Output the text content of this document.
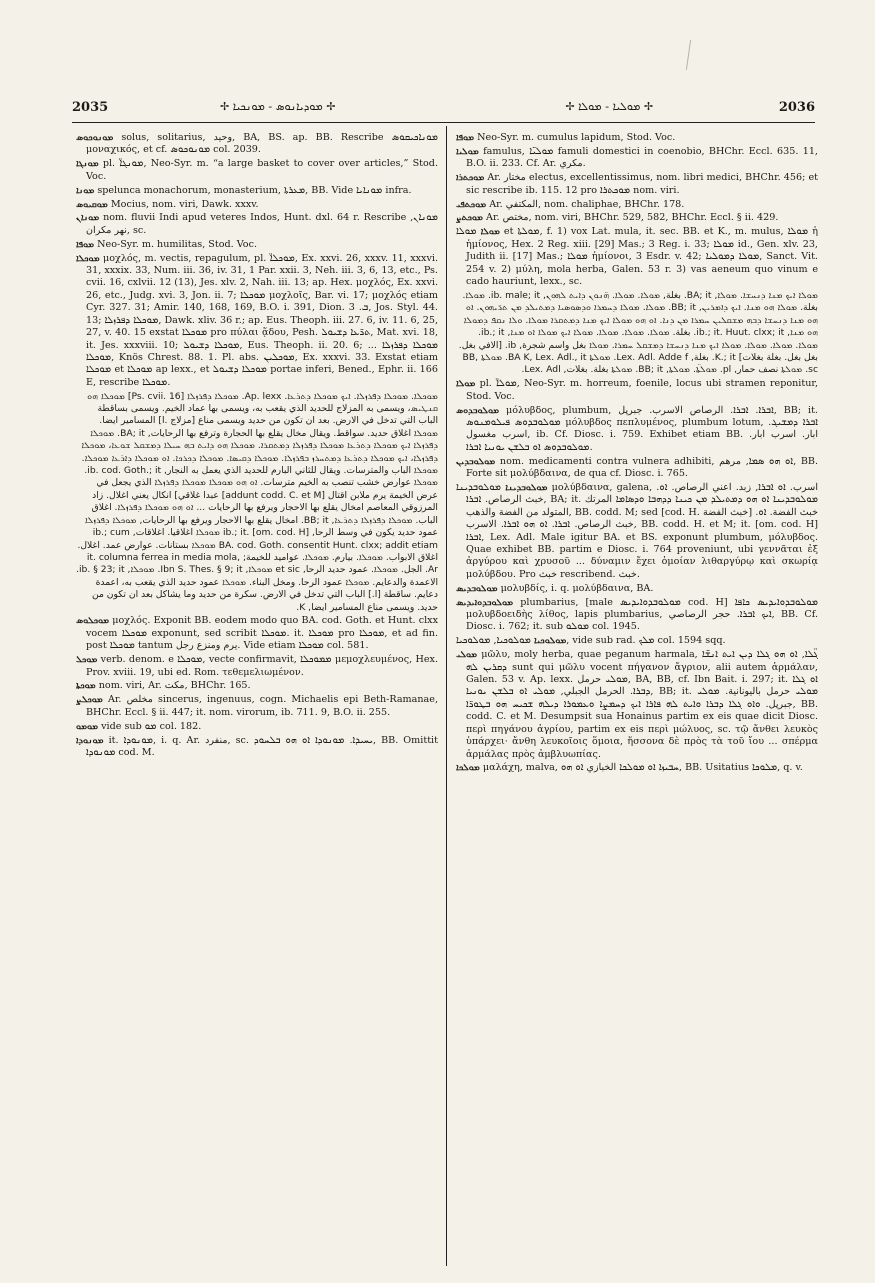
2035	✢ ܡܘܕܝܐܢܘܣ - ܡܘܢܟܝܐ ✢	✢ ܡܘܠܝܐ - ܡܘܠܐ ✢	2036

ܡܘܢܘܟܘܣ solus, solitarius, وحيد, BA, BS. ap. BB. Rescribe ܡܘܢܐܟܝܩܘܣ μοναχικός, et cf. ܡܘܢܘܟܘܣ col. 2039.

ܡܘܢܓܐ pl. ܡܘܢܓܐ̈, Neo-Syr. m. “a large basket to cover over articles,” Stod. Voc.

ܡܘܢܐ spelunca monachorum, monasterium, ܡܥܪܬܐ, BB. Vide ܡܘܢܐܝܐ infra.

ܡܘܩܝܘܣ Mocius, nom. viri, Dawk. xxxv.

ܡܘܢܐܢ nom. fluvii Indi apud veteres Indos, Hunt. dxl. 64 r. Rescribe ܡܘܢܐܢ, نهر مكران, sc.

ܡܘܦܐ Neo-Syr. m. humilitas, Stod. Voc.

ܡܘܟܠܐ μοχλός, m. vectis, repagulum, pl. ܡܘܟܠܐ̈, Ex. xxvi. 26, xxxv. 11, xxxvi. 31, xxxix. 33, Num. iii. 36, iv. 31, 1 Par. xxii. 3, Neh. iii. 3, 6, 13, etc., Ps. cvii. 16, cxlvii. 12 (13), Jes. xlv. 2, Nah. iii. 13; ap. Hex. μοχλός, Ex. xxvi. 26, etc., Judg. xvi. 3, Jon. ii. 7; ܡܘܟܠܐ μοχλοῖς, Bar. vi. 17; μοχλός etiam Cyr. 327. 31; Amir. 140, 168, 169, B.O. i. 391, Dion. ܒ. 3, Jos. Styl. 44. 13; ܡܘܟܠܐ ܕܦܪܙܠܐ, Dawk. xliv. 36 r.; ap. Eus. Theoph. iii. 27. 6, iv. 11. 6, 25, 27, v. 40. 15 exstat ܡܘܟܠܐ pro πύλαι ᾅδου, Pesh. ܬܪ̈ܥܐ ܕܫܝܘܠ, Mat. xvi. 18, it. Jes. xxxviii. 10; ܡܘܟܠܐ ܕܫܝܘܠ, Eus. Theoph. ii. 20. 6; ܡܘܟܠܐ ܕܦܪܙܠܐ ... ܡܘܟܠܐ, Knös Chrest. 88. 1. Pl. abs. ܡܘܟܠܝܢ, Ex. xxxvi. 33. Exstat etiam ܡܘܟܠܐ et ܡܘܟܠܐ ap lexx., et ܡܘܟܠܐ ܕܫܝܘܠ portae inferi, Bened., Ephr. ii. 166 E, rescribe ܡܘܟܠܐ.

ܡܘܟܠܐ. ܡܘܟܠܐ ܕܦܪܙܠܐ. ܐܝܟ ܡܘܟܠܐ ܕܬܪܥܐ. Ap. lexx. ܡܘܟܠܐ ܕܦܪܙܠܐ [Ps. cvii. 16] ܡܘܟܠܐ ܗܘ ܩܢܛܝܣ، ويسمى به المزلاج للحديد الذي يقعب به، ويسمى بها عماد الخيم. ويسمى بساقطة الباب التي تدخل في الارض. بعد ان تكون من حديد ويسمى مناع [مزلاج .l] المسامير ايضا. ܡܘܟܠܐ اغلاق حديد. سواقط. ويقال مخال يقلع بها الحجارة وترفع بها الرحايات, BA; it. ܡܘܟܠܐ ܕܦܪܙܠܐ ܐܝܟ ܡܘܟܠܐ ܕܬܪܥܐ ܡܘܟܠܐ ܕܦܪܙܠܐ ܕܡܬܩܪܐ. ܡܘܟܠܐ ܗܘ ܕܐܝܬ ܒܗ ܚܝܠܐ ܕܡܫܩܠ ܫܘܥܐ، ܡܘܟܠܐ ܕܦܪܙܠܐ، ܐܝܟ ܡܘܟܠܐ ܕܬܪܥܐ ܕܡܬܚܪܙ ܒܦܪܙܠܐ. ܡܘܟܠܐ ܕܩܝܣܐ. ܡܘܟܠܐ ܕܟܪܟܐ. ܐܘ ܡܘܟܠܐ ܕܐܪܥܐ ܡܘܟܠܐ. ܡܘܟܠܐ الباب والمترسات. ويقال للثاني البارم للحديد الذي يعمل به النجار, ib. cod. Goth.; it. ܡܘܟܠܐ عوارض خشب تنصب به الخيم مترسات. ܐܘ ܗܘ ܡܘܟܠܐ ܡܘܟܠܐ ܕܦܪܙܠܐ الذي يجعل في عرض الخيمة يرم ملابن اقتال [addunt codd. C. et M] عبدا غلاقي] انكال يعني اغلال. زاد المرزوقي المعاصم امخال يقلع بها الاحجار ويرفع بها الرحايات ... ܐܘ ܗܘ ܡܘܟܠܐ ܕܦܪܙܠܐ. اغلاق الباب. ܡܘܟܠܐ ܕܦܪܙܠܐ ܕܬܪܥܐ, BB; it. امخال يقلع بها الاحجار ويرفع بها الرحايات, ܡܘܟܠܐ ܕܦܪܙܠܐ عمود حديد يكون في وسط الرحا, ib.; it. [om. cod. H] ܡܘܟܠܐ اغلاقيا. اغلاقات, ib.; cum BA. cod. Goth. consentit Hunt. clxx; addit etiam ܡܘܟܠܐ بستانات. عوارض عمد. اغلال. اغلاق الابواب. ܡܘܟܠܐ. بيارم. ܡܘܟܠܐ. عواميد للخيمة; it. columna ferrea in media mola, Ar. الجل. ܡܘܟܠܐ. عمود حديد الرحا, et sic ܡܘܟܠܐ, Ibn S. Thes. § 9; it. ܡܘܟܠܐ, ib. § 23; it. الاعمدة والدعايم. ܡܘܟܠܐ عمود الرحا. ومخل البناء. ܡܘܟܠܐ عمود حديد الذي يقعب به، اعمدة دعايم. ساقطة [l.] الباب التي تدخل في الارض. سكرة من حديد وما يشاكل بعد ان تكون من حديد. ويسمى مناع المسامير ايضا, K.

ܡܘܟܠܘܣ μοχλός. Exponit BB. eodem modo quo BA. cod. Goth. et Hunt. clxx vocem ܡܘܟܠܐ exponunt, sed scribit ܡܘܟܠܐ. it. ܡܘܟܠܐ pro ܡܘܟܠܐ, et ad fin. post ܡܘܟܠܐ tantum يرم ومنزع رجل. Vide etiam ܡܘܟܠܐ col. 581.

ܡܘܟܠ verb. denom. e ܡܘܟܠܐ, vecte confirmavit, ܡܡܘܟܠܐ μεμοχλευμένος, Hex. Prov. xviii. 19, ubi ed. Rom. τεθεμελιωμένον.

ܡܘܟܬܐ nom. viri, Ar. مكت, BHChr. 165.

ܡܘܟܠܨ Ar. مخلص sincerus, ingenuus, cogn. Michaelis epi Beth-Ramanae, BHChr. Eccl. § ii. 447; it. nom. virorum, ib. 711. 9, B.O. ii. 255.

ܡܘܡܘ vide sub ܡܘ col. 182.

ܡܘܢܘܕܐ it. ܡܘܢܘܕܐ, i. q. Ar. منفرد, sc. ܝܚܝܕܐ. ܡܘܢܘܕܐ ܐܘ ܗܘ ܒܠܚܘܕ, BB. Omittit ܡܘܢܘܕܐ cod. M.

ܡܘܦܐ Neo-Syr. m. cumulus lapidum, Stod. Voc.

ܡܘܠܝܐ famulus, ܡܘܠܝ̈ܐ famuli domestici in coenobio, BHChr. Eccl. 635. 11, B.O. ii. 233. Cf. Ar. مكري.

ܡܘܟܬܪܐ Ar. مختار electus, excellentissimus, nom. libri medici, BHChr. 456; et sic rescribe ib. 115. 12 pro ܡܘܟܬܪܐ nom. viri.

ܡܘܟܬܦܝ Ar. المكتفي, nom. chaliphae, BHChr. 178.

ܡܘܟܬܨ Ar. مختص, nom. viri, BHChr. 529, 582, BHChr. Eccl. § ii. 429.

ܡܘܠܐ ܡܘܠܐ et ܡܘܠܬܐ, f. 1) vox Lat. mula, it. sec. BB. et K., m. mulus, ܡܘܠܐ ἡ ἡμίονος, Hex. 2 Reg. xiii. [29] Mas.; 3 Reg. i. 33; ܡܘܠܐ id., Gen. xlv. 23, Judith ii. [17] Mas.; ܡܘܠܐ ἡμίονοι, 3 Esdr. v. 42; ܡܘܠܐ ܕܡܘܠܝܐ, Sanct. Vit. 254 v. 2) μύλη, mola herba, Galen. 53 r. 3) vas aeneum quo vinum e cado hauriunt, lexx., sc.

ܡܘܠܐ ܐܝܟ ܡܢܐ ܕܢܚܫܐ. ܡܘܠܐ, BA; it. بغلة, ܡܘܠܐ. ܡܘܠܐ. ܗ̈ܢܘܢ ܕܐܝܬ ܠܗܘܢ, ib. male; it. ܡܘܠܐ. بغلة. ܡܘܠܐ ܗܘ ܡܢܐ. ܐܝܟ ܕܐܡܪܝܢ, BB; it. ܡܘܠܐ. ܡܘܠܐ ܕܚܡܪܐ ܘܕܣܘܣܝܐ ܕܡܬܝܠܕ ܡܢ ܬܪ̈ܝܗܘܢ. ܐܘ ܗܘ ܡܢܐ ܕܢܚܫܐ ܕܒܗ ܡܫܩܠܝܢ ܚܡܪܐ ܡܢ ܕܢܐ. ܐܘ ܗܘ ܡܘܠܐ ܐܝܟ ܡܢܐ ܕܡܬܩܪܐ ܡܘܠܐ. ܘܠܐ ܢܩܦ ܕܡܘܠܐ ܗܘ ܡܢܐ, ib.; it. Huut. clxx; it. بغلة. ܡܘܠܐ. ܡܘܠܐ. ܡܘܠܐ. ܡܘܠܐ ܐܝܟ ܡܘܠܐ ܐܘ ܡܢܐ, ib.; it. ܡܘܠܐ. ܡܘܠܐ. ܡܘܠܐ. ܡܘܠܐ ܐܝܟ ܡܢܐ ܕܢܚܫܐ ܕܡܫܩܠ ܚܡܪܐ. ܡܘܠܐ بغل واسم شجرة, ib. [الافي بغل. بغل بغل. بغلة بغلات] K.; it. بغلة, Lex. Adl. Adde f. ܡܘܠܬܐ BA K, Lex. Adl., it. ܡܘܠܬܐ BB, sc. ܡܘܠܬܐ نصف حمار, pl. ܡܘܠܬܐ̈. ܡܘܠܬܐ, BB; it. ܡܘܠܬܐ بغلة. بغلات, Lex. Adl.

ܡܘܠܐ pl. ܡܘܠܐ̈, Neo-Syr. m. horreum, foenile, locus ubi stramen reponitur, Stod. Voc.

ܡܘܠܘܒܕܘܣ μόλυβδος, plumbum, ܐܒܪܐ. ܐܒܪܐ. الرصاص الاسرب. جبرپل, BB; it. ܡܘܠܘܒܕܘܣ ܦܝܠܘܡܢܘܣ μόλυβδος πεπλυμένος, plumbum lotum, ܐܒܪܐ ܕܡܫܝܓ. اسرب مغسول, ib. Cf. Diosc. i. 759. Exhibet etiam BB. ابار. اسرب ابار. ܡܘܠܘܒܕܘܣ ܐܘ ܒܠܫܢ ܝܘܢܝܐ ܐܒܪܐ.

ܡܘܠܘܒܕܝܢ nom. medicamenti contra vulnera adhibiti, ܐܘ ܗܘ ܣܡܐ, مرهم, BB. Forte sit μολύβδαινα, de qua cf. Diosc. i. 765.

ܡܘܠܘܒܕܝܢܐ ܡܘܠܘܒܕܝܢܐ μολύβδαινα, galena, اسرب. ܐܘ ܐܒܪܐ, زبد. اعني الرصاص. ܐܘ. خبث الرصاص. ܐܒܪܐ, BA; it. ܡܘܠܘܒܕܝܢܐ ܐܘ ܗܘ ܕܡܬܝܠܕ ܡܢ ܟܝܢܐ ܕܕܗܒܐ ܘܕܣܐܡܐ المرتك المتولد من الفضة والذهب, BB. codd. M; sed [cod. H. خبث الفضة] خبث الفضة. ܐܘ. خبث الرصاص. ܐܒܪܐ. ܐܘ ܗܘ ܐܒܪܐ. الاسرب, BB. codd. H. et M; it. [om. cod. H] ܐܒܪܐ, Lex. Adl. Male igitur BA. et BS. exponunt plumbum, μόλυβδος. Quae exhibet BB. partim e Diosc. i. 764 proveniunt, ubi γεννᾶται ἐξ ἀργύρου καὶ χρυσοῦ ... δύναμιν ἔχει ὁμοίαν λιθαργύρῳ καὶ σκωρίᾳ μολύβδου. Pro خبث rescribend. خبث.

ܡܘܠܘܒܕܝܣ μολυβδίς, i. q. μολύβδαινα, BA.

ܡܘܠܘܒܕܘܐܝܕܝܣ plumbarius, [male ܡܘܠܘܒܕܘܐܝܕܝܣ cod. H] ܡܘܠܘܒܕܘܐܝܕܝܣ ܟܐܦܐ μολυβδοειδὴς λίθος, lapis plumbarius, ܐܝܟ ܐܒܪܐ. حجر الرصاصي, BB. Cf. Diosc. i. 762; it. sub ܡܘܠܘ col. 1945.

ܡܘܠܘܟܝܐ ܡܘܠܘܟܝܐ, ܡܘܠܘܟܝܐ, vide sub rad. ܡܠܟ col. 1594 sqq.

ܡܘܠܝ μῶλυ, moly herba, quae peganum harmala, ܓ̈ܠܐ, ܐܘ ܗܘ ܓܠܐ ܕܝܢ ܐܝܬ ܐܢܫ̈ܐ ܕܩܪܝܢ ܠܗ sunt qui μῶλυ vocent πήγανον ἄγριον, alii autem ἁρμάλαν, Galen. 53 v. Ap. lexx. ܡܘܠܝ حرمل, BA, BB, cf. Ibn Bait. i. 297; it. ܐܘ ܓܠܐ ܕܒܪܐ. الحرمل الجبلي, ܡܘܠܝ ܐܘ ܒܠܫܢ ܝܘܢܝܐ, BB; it. ܡܘܠܝ حرمل باليونانية. ܡܘܠܝ جبرپل. ܘܐܘ ܓܠܐ ܕܒܪܐ ܘܐܝܬ ܠܗ ܦܐܪܐ ܐܝܟ ܕܚܡܨܐ ܘܥܡܘܪܐ ܕܝܠܗ ܫܟܝܚ ܗܘ ܒܛܘܪ̈ܐ, BB. codd. C. et M. Desumpsit sua Honainus partim ex eis quae dicit Diosc. περὶ πηγάνου ἀγρίου, partim ex eis περὶ μώλυος, sc. τῷ ἄνθει λευκὸς ὑπάρχει· ἄνθη λευκοῖοις ὅμοια, ἥσσονα δὲ πρὸς τὰ τοῦ ἴου ... σπέρμα ἁρμάλας πρὸς ἀμβλυωπίας.

ܡܘܠܟܐ μαλάχη, malva, ܚܒܝܙܐ ܐܘ ܡܘܠܟܐ الخبازي ܐܘ ܗܘ, BB. Usitatius ܡܠܘܟܐ, q. v.
